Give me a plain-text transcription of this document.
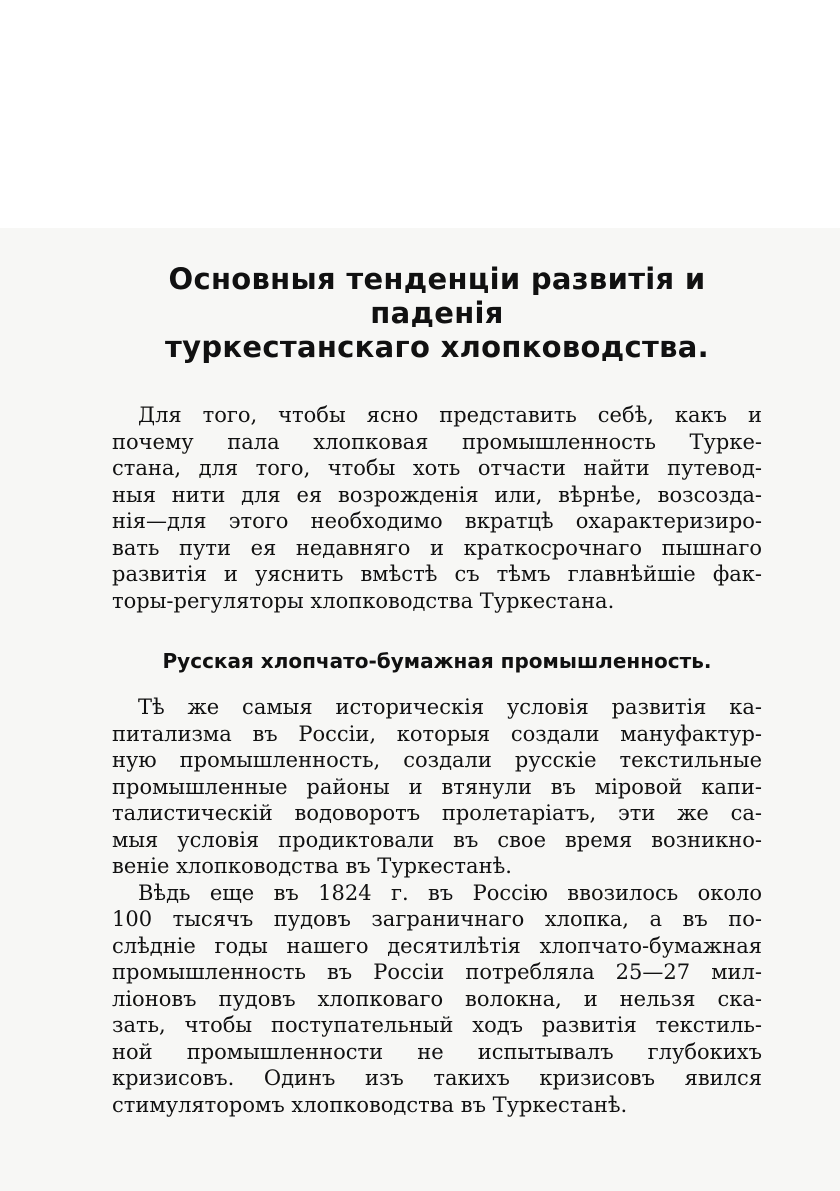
Основныя тенденціи развитія и паденія
туркестанскаго хлопководства.

Для того, чтобы ясно представить себѣ, какъ и
почему пала хлопковая промышленность Турке-
стана, для того, чтобы хоть отчасти найти путевод-
ныя нити для ея возрожденія или, вѣрнѣе, возсозда-
нія—для этого необходимо вкратцѣ охарактеризиро-
вать пути ея недавняго и краткосрочнаго пышнаго
развитія и уяснить вмѣстѣ съ тѣмъ главнѣйшіе фак-
торы-регуляторы хлопководства Туркестана.

Русская хлопчато-бумажная промышленность.

Тѣ же самыя историческія условія развитія ка-
питализма въ Россіи, которыя создали мануфактур-
ную промышленность, создали русскіе текстильные
промышленные районы и втянули въ міровой капи-
талистическій водоворотъ пролетаріатъ, эти же са-
мыя условія продиктовали въ свое время возникно-
веніе хлопководства въ Туркестанѣ.

Вѣдь еще въ 1824 г. въ Россію ввозилось около
100 тысячъ пудовъ заграничнаго хлопка, а въ по-
слѣдніе годы нашего десятилѣтія хлопчато-бумажная
промышленность въ Россіи потребляла 25—27 мил-
ліоновъ пудовъ хлопковаго волокна, и нельзя ска-
зать, чтобы поступательный ходъ развитія текстиль-
ной промышленности не испытывалъ глубокихъ
кризисовъ. Одинъ изъ такихъ кризисовъ явился
стимуляторомъ хлопководства въ Туркестанѣ.
